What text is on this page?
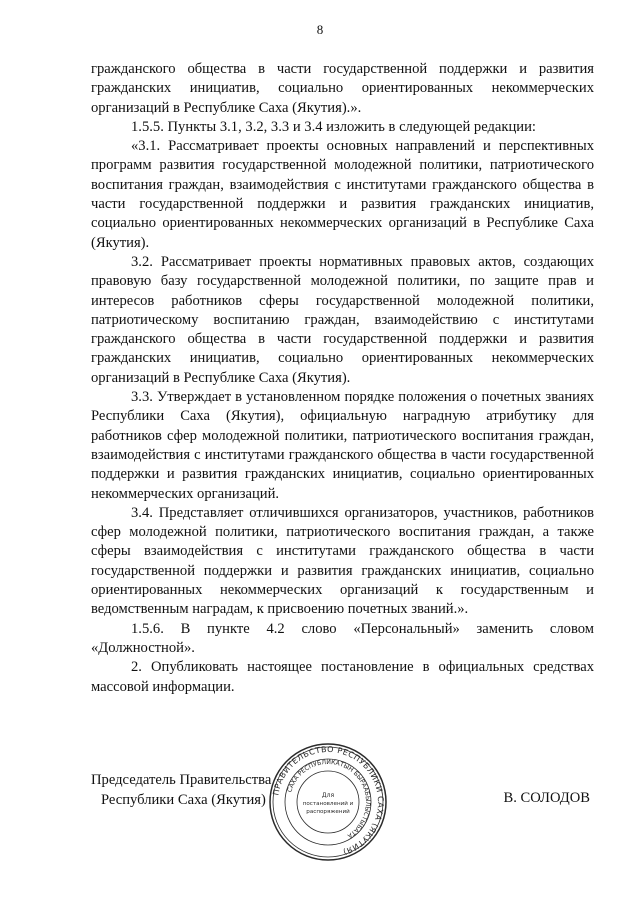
8

гражданского общества в части государственной поддержки и развития гражданских инициатив, социально ориентированных некоммерческих организаций в Республике Саха (Якутия).».

1.5.5. Пункты 3.1, 3.2, 3.3 и 3.4 изложить в следующей редакции:

«3.1. Рассматривает проекты основных направлений и перспективных программ развития государственной молодежной политики, патриотического воспитания граждан, взаимодействия с институтами гражданского общества в части государственной поддержки и развития гражданских инициатив, социально ориентированных некоммерческих организаций в Республике Саха (Якутия).

3.2. Рассматривает проекты нормативных правовых актов, создающих правовую базу государственной молодежной политики, по защите прав и интересов работников сферы государственной молодежной политики, патриотическому воспитанию граждан, взаимодействию с институтами гражданского общества в части государственной поддержки и развития гражданских инициатив, социально ориентированных некоммерческих организаций в Республике Саха (Якутия).

3.3. Утверждает в установленном порядке положения о почетных званиях Республики Саха (Якутия), официальную наградную атрибутику для работников сфер молодежной политики, патриотического воспитания граждан, взаимодействия с институтами гражданского общества в части государственной поддержки и развития гражданских инициатив, социально ориентированных некоммерческих организаций.

3.4. Представляет отличившихся организаторов, участников, работников сфер молодежной политики, патриотического воспитания граждан, а также сферы взаимодействия с институтами гражданского общества в части государственной поддержки и развития гражданских инициатив, социально ориентированных некоммерческих организаций к государственным и ведомственным наградам, к присвоению почетных званий.».

1.5.6. В пункте 4.2 слово «Персональный» заменить словом «Должностной».

2. Опубликовать настоящее постановление в официальных средствах массовой информации.

Председатель Правительства
Республики Саха (Якутия)	В. СОЛОДОВ
ПРАВИТЕЛЬСТВО РЕСПУБЛИКИ САХА (ЯКУТИЯ)
САХА РЕСПУБЛИКАТЫН БЫРААБЫЛЫСТЫБАТА
Для
постановлений и
распоряжений
